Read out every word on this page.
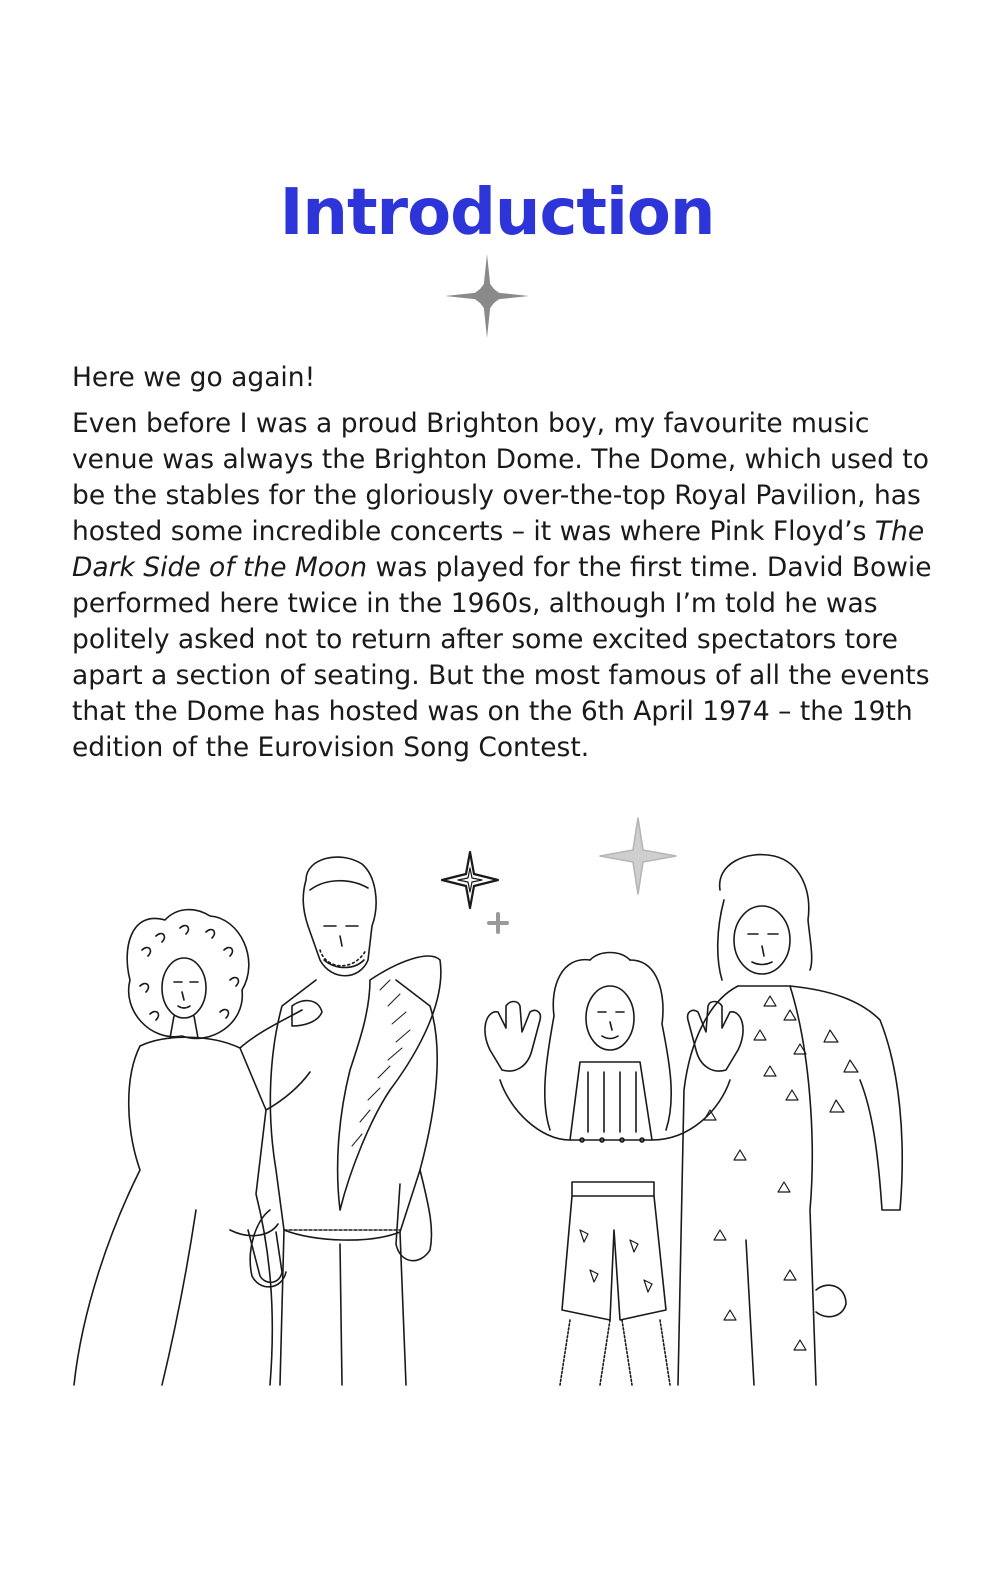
Introduction

Here we go again!

Even before I was a proud Brighton boy, my favourite music venue was always the Brighton Dome. The Dome, which used to be the stables for the gloriously over-the-top Royal Pavilion, has hosted some incredible concerts – it was where Pink Floyd’s The Dark Side of the Moon was played for the first time. David Bowie performed here twice in the 1960s, although I’m told he was politely asked not to return after some excited spectators tore apart a section of seating. But the most famous of all the events that the Dome has hosted was on the 6th April 1974 – the 19th edition of the Eurovision Song Contest.
